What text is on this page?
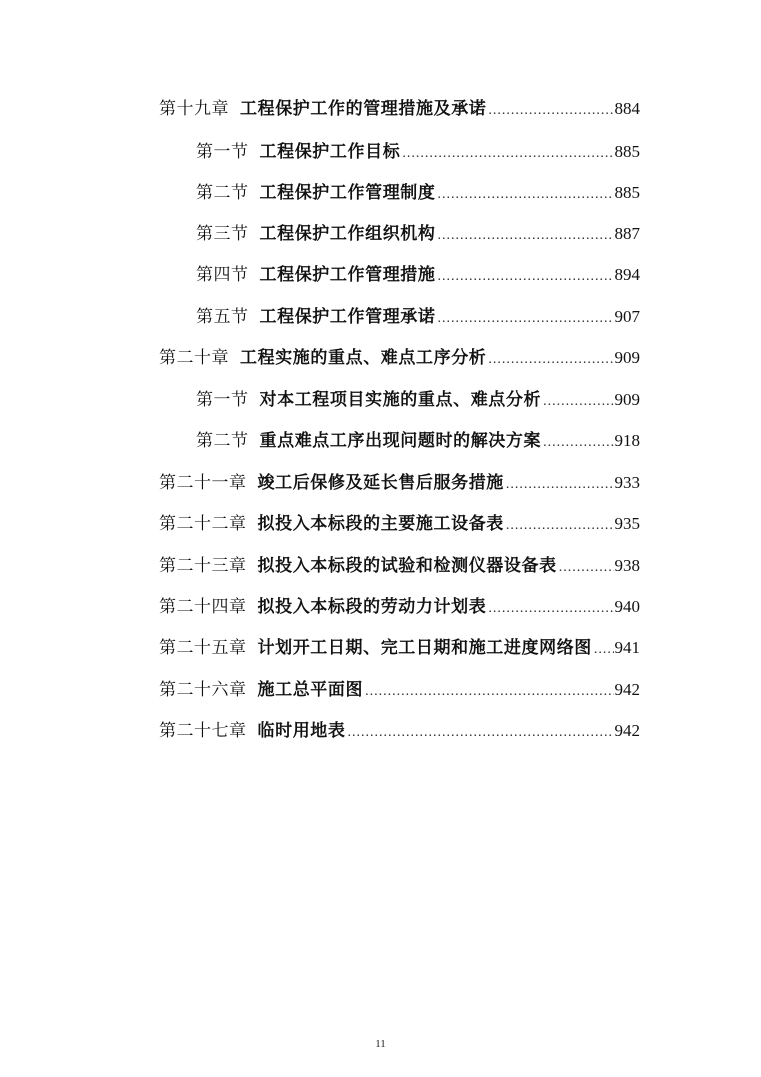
第十九章 工程保护工作的管理措施及承诺 .....	884
第一节 工程保护工作目标 .....	885
第二节 工程保护工作管理制度 .....	885
第三节 工程保护工作组织机构 .....	887
第四节 工程保护工作管理措施 .....	894
第五节 工程保护工作管理承诺 .....	907
第二十章 工程实施的重点、难点工序分析 .....	909
第一节 对本工程项目实施的重点、难点分析 .....	909
第二节 重点难点工序出现问题时的解决方案 .....	918
第二十一章 竣工后保修及延长售后服务措施 .....	933
第二十二章 拟投入本标段的主要施工设备表 .....	935
第二十三章 拟投入本标段的试验和检测仪器设备表 .....	938
第二十四章 拟投入本标段的劳动力计划表 .....	940
第二十五章 计划开工日期、完工日期和施工进度网络图 ..... 941
第二十六章 施工总平面图 .....	942
第二十七章 临时用地表 .....	942
11
